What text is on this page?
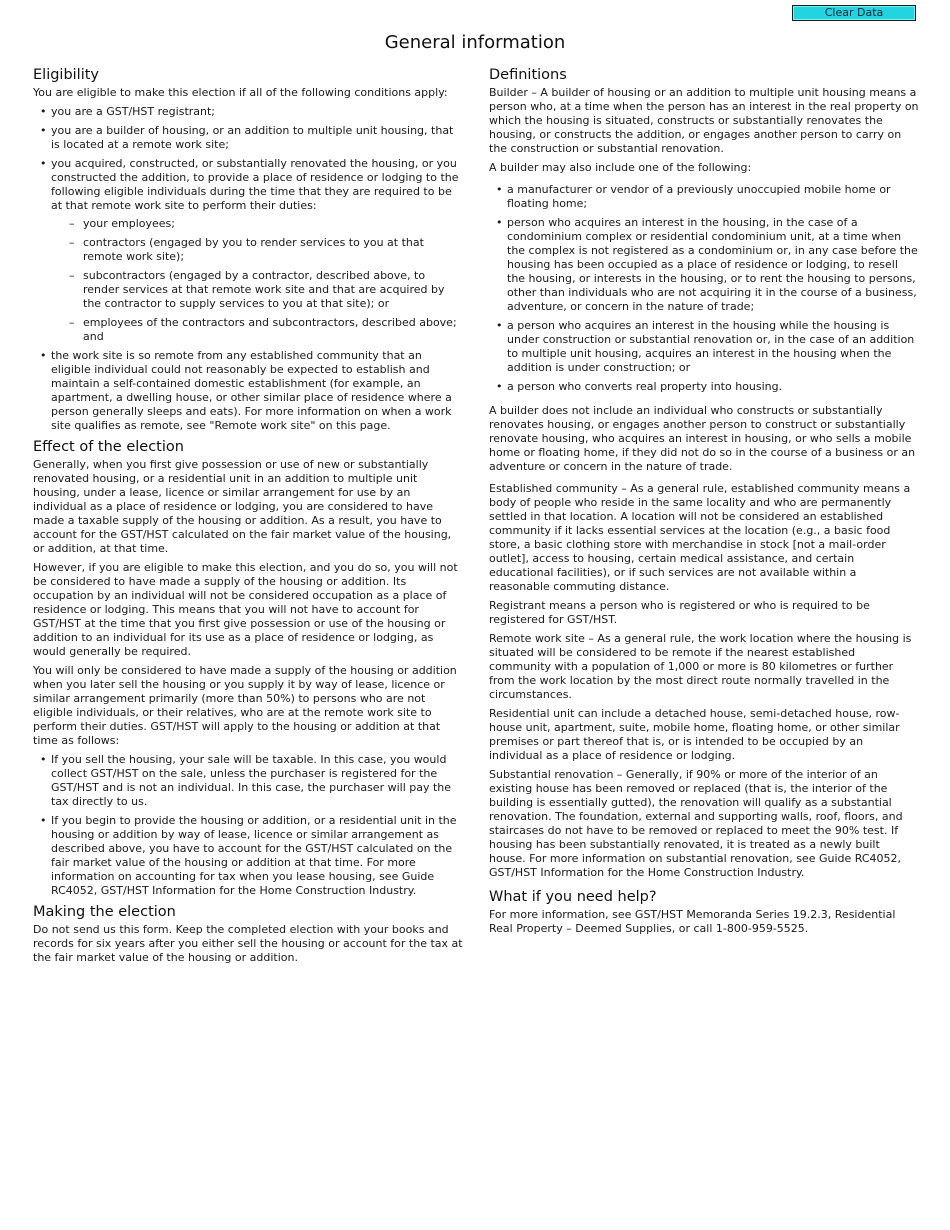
Clear Data
General information
Eligibility

You are eligible to make this election if all of the following conditions apply:

• you are a GST/HST registrant;
• you are a builder of housing, or an addition to multiple unit housing, that is located at a remote work site;
• you acquired, constructed, or substantially renovated the housing, or you constructed the addition, to provide a place of residence or lodging to the following eligible individuals during the time that they are required to be at that remote work site to perform their duties:
– your employees;
– contractors (engaged by you to render services to you at that remote work site);
– subcontractors (engaged by a contractor, described above, to render services at that remote work site and that are acquired by the contractor to supply services to you at that site); or
– employees of the contractors and subcontractors, described above; and
• the work site is so remote from any established community that an eligible individual could not reasonably be expected to establish and maintain a self-contained domestic establishment (for example, an apartment, a dwelling house, or other similar place of residence where a person generally sleeps and eats). For more information on when a work site qualifies as remote, see "Remote work site" on this page.
Effect of the election

Generally, when you first give possession or use of new or substantially renovated housing, or a residential unit in an addition to multiple unit housing, under a lease, licence or similar arrangement for use by an individual as a place of residence or lodging, you are considered to have made a taxable supply of the housing or addition. As a result, you have to account for the GST/HST calculated on the fair market value of the housing, or addition, at that time.

However, if you are eligible to make this election, and you do so, you will not be considered to have made a supply of the housing or addition. Its occupation by an individual will not be considered occupation as a place of residence or lodging. This means that you will not have to account for GST/HST at the time that you first give possession or use of the housing or addition to an individual for its use as a place of residence or lodging, as would generally be required.

You will only be considered to have made a supply of the housing or addition when you later sell the housing or you supply it by way of lease, licence or similar arrangement primarily (more than 50%) to persons who are not eligible individuals, or their relatives, who are at the remote work site to perform their duties. GST/HST will apply to the housing or addition at that time as follows:

• If you sell the housing, your sale will be taxable. In this case, you would collect GST/HST on the sale, unless the purchaser is registered for the GST/HST and is not an individual. In this case, the purchaser will pay the tax directly to us.
• If you begin to provide the housing or addition, or a residential unit in the housing or addition by way of lease, licence or similar arrangement as described above, you have to account for the GST/HST calculated on the fair market value of the housing or addition at that time. For more information on accounting for tax when you lease housing, see Guide RC4052, GST/HST Information for the Home Construction Industry.
Making the election

Do not send us this form. Keep the completed election with your books and records for six years after you either sell the housing or account for the tax at the fair market value of the housing or addition.

Definitions

Builder – A builder of housing or an addition to multiple unit housing means a person who, at a time when the person has an interest in the real property on which the housing is situated, constructs or substantially renovates the housing, or constructs the addition, or engages another person to carry on the construction or substantial renovation.

A builder may also include one of the following:

• a manufacturer or vendor of a previously unoccupied mobile home or floating home;
• person who acquires an interest in the housing, in the case of a condominium complex or residential condominium unit, at a time when the complex is not registered as a condominium or, in any case before the housing has been occupied as a place of residence or lodging, to resell the housing, or interests in the housing, or to rent the housing to persons, other than individuals who are not acquiring it in the course of a business, adventure, or concern in the nature of trade;
• a person who acquires an interest in the housing while the housing is under construction or substantial renovation or, in the case of an addition to multiple unit housing, acquires an interest in the housing when the addition is under construction; or
• a person who converts real property into housing.

A builder does not include an individual who constructs or substantially renovates housing, or engages another person to construct or substantially renovate housing, who acquires an interest in housing, or who sells a mobile home or floating home, if they did not do so in the course of a business or an adventure or concern in the nature of trade.

Established community – As a general rule, established community means a body of people who reside in the same locality and who are permanently settled in that location. A location will not be considered an established community if it lacks essential services at the location (e.g., a basic food store, a basic clothing store with merchandise in stock [not a mail-order outlet], access to housing, certain medical assistance, and certain educational facilities), or if such services are not available within a reasonable commuting distance.

Registrant means a person who is registered or who is required to be registered for GST/HST.

Remote work site – As a general rule, the work location where the housing is situated will be considered to be remote if the nearest established community with a population of 1,000 or more is 80 kilometres or further from the work location by the most direct route normally travelled in the circumstances.

Residential unit can include a detached house, semi-detached house, row-house unit, apartment, suite, mobile home, floating home, or other similar premises or part thereof that is, or is intended to be occupied by an individual as a place of residence or lodging.

Substantial renovation – Generally, if 90% or more of the interior of an existing house has been removed or replaced (that is, the interior of the building is essentially gutted), the renovation will qualify as a substantial renovation. The foundation, external and supporting walls, roof, floors, and staircases do not have to be removed or replaced to meet the 90% test. If housing has been substantially renovated, it is treated as a newly built house. For more information on substantial renovation, see Guide RC4052, GST/HST Information for the Home Construction Industry.

What if you need help?

For more information, see GST/HST Memoranda Series 19.2.3, Residential Real Property – Deemed Supplies, or call 1-800-959-5525.
